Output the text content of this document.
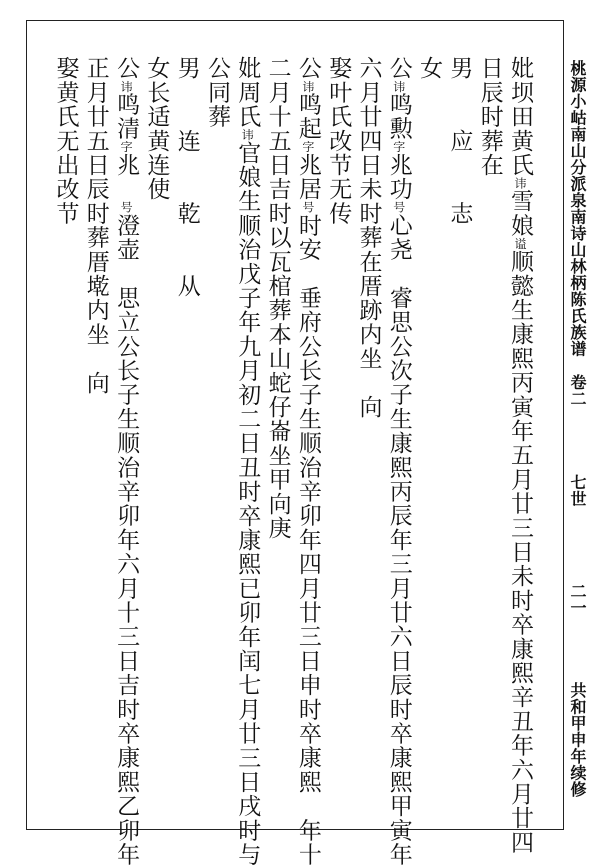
妣坝田黄氏讳雪娘谥顺懿生康熙丙寅年五月廿三日未时卒康熙辛丑年六月廿四
日辰时葬在
男　　应　　志
女
公讳鸣勲字兆功号心尧　睿思公次子生康熙丙辰年三月廿六日辰时卒康熙甲寅年
六月廿四日未时葬在厝跡内坐　向
娶叶氏改节无传
公讳鸣起字兆居号时安　垂府公长子生顺治辛卯年四月廿三日申时卒康熙　年十
二月十五日吉时以瓦棺葬本山蛇仔崙坐甲向庚
妣周氏讳官娘生顺治戊子年九月初二日丑时卒康熙已卯年闰七月廿三日戌时与
公同葬
男　　连　　乾　　从
女长适黄连使
公讳鸣清字兆　号澄壶　思立公长子生顺治辛卯年六月十三日吉时卒康熙乙卯年
正月廿五日辰时葬厝墘内坐　向
娶黄氏无出改节	桃源小岵南山分派泉南诗山林柄陈氏族谱
卷二
七世
二一
共和甲申年续修
